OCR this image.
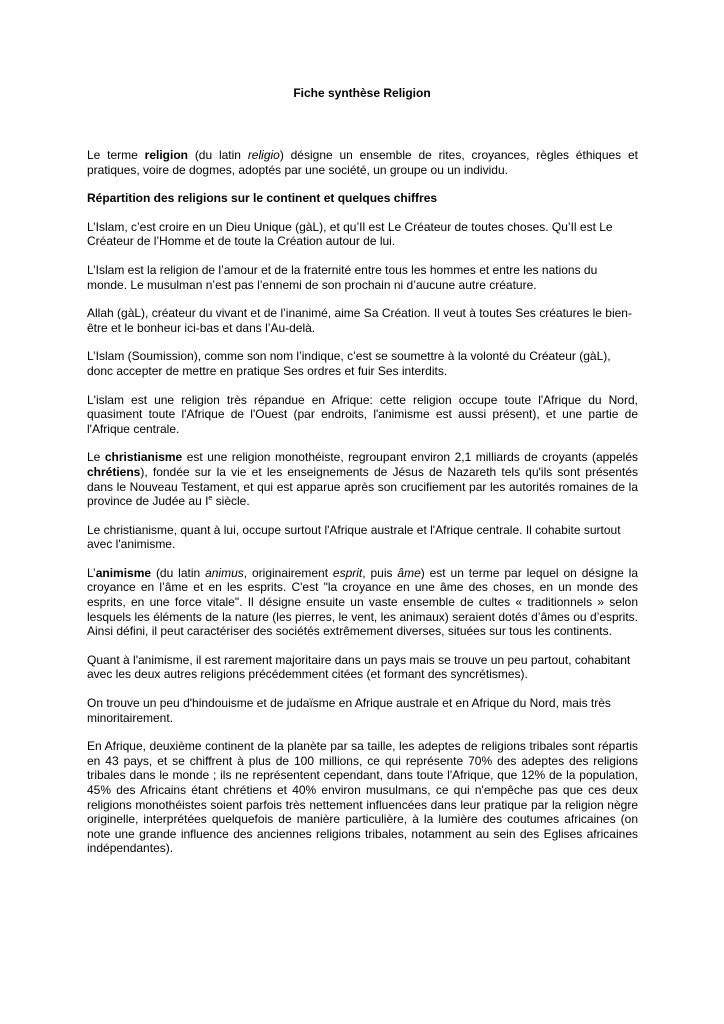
Fiche synthèse Religion

Le terme religion (du latin religio) désigne un ensemble de rites, croyances, règles éthiques et pratiques, voire de dogmes, adoptés par une société, un groupe ou un individu.

Répartition des religions sur le continent et quelques chiffres

L’Islam, c’est croire en un Dieu Unique (gàL), et qu’Il est Le Créateur de toutes choses. Qu’Il est Le Créateur de l’Homme et de toute la Création autour de lui.

L’Islam est la religion de l’amour et de la fraternité entre tous les hommes et entre les nations du monde. Le musulman n’est pas l’ennemi de son prochain ni d’aucune autre créature.

Allah (gàL), créateur du vivant et de l’inanimé, aime Sa Création. Il veut à toutes Ses créatures le bien-être et le bonheur ici-bas et dans l’Au-delà.

L’Islam (Soumission), comme son nom l’indique, c’est se soumettre à la volonté du Créateur (gàL), donc accepter de mettre en pratique Ses ordres et fuir Ses interdits.

L'islam est une religion très répandue en Afrique: cette religion occupe toute l'Afrique du Nord, quasiment toute l'Afrique de l'Ouest (par endroits, l'animisme est aussi présent), et une partie de l'Afrique centrale.

Le christianisme est une religion monothéiste, regroupant environ 2,1 milliards de croyants (appelés chrétiens), fondée sur la vie et les enseignements de Jésus de Nazareth tels qu'ils sont présentés dans le Nouveau Testament, et qui est apparue après son crucifiement par les autorités romaines de la province de Judée au Ie siècle.

Le christianisme, quant à lui, occupe surtout l'Afrique australe et l'Afrique centrale. Il cohabite surtout avec l'animisme.

L’animisme (du latin animus, originairement esprit, puis âme) est un terme par lequel on désigne la croyance en l’âme et en les esprits. C'est "la croyance en une âme des choses, en un monde des esprits, en une force vitale". Il désigne ensuite un vaste ensemble de cultes « traditionnels » selon lesquels les éléments de la nature (les pierres, le vent, les animaux) seraient dotés d’âmes ou d’esprits. Ainsi défini, il peut caractériser des sociétés extrêmement diverses, situées sur tous les continents.

Quant à l'animisme, il est rarement majoritaire dans un pays mais se trouve un peu partout, cohabitant avec les deux autres religions précédemment citées (et formant des syncrétismes).

On trouve un peu d'hindouisme et de judaïsme en Afrique australe et en Afrique du Nord, mais très minoritairement.

En Afrique, deuxième continent de la planète par sa taille, les adeptes de religions tribales sont répartis en 43 pays, et se chiffrent à plus de 100 millions, ce qui représente 70% des adeptes des religions tribales dans le monde ; ils ne représentent cependant, dans toute l'Afrique, que 12% de la population, 45% des Africains étant chrétiens et 40% environ musulmans, ce qui n'empêche pas que ces deux religions monothéistes soient parfois très nettement influencées dans leur pratique par la religion nègre originelle, interprétées quelquefois de manière particulière, à la lumière des coutumes africaines (on note une grande influence des anciennes religions tribales, notamment au sein des Eglises africaines indépendantes).
